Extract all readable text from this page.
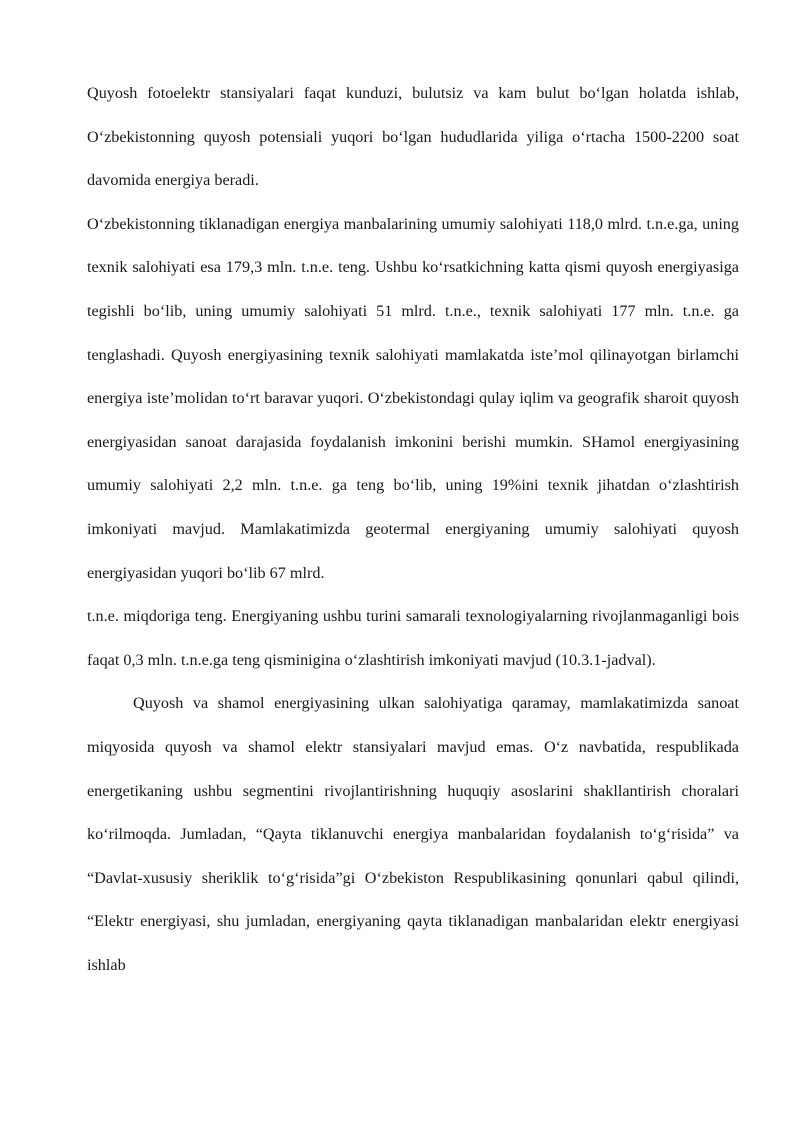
Quyosh fotoelektr stansiyalari faqat kunduzi, bulutsiz va kam bulut bo‘lgan holatda ishlab, O‘zbekistonning quyosh potensiali yuqori bo‘lgan hududlarida yiliga o‘rtacha 1500-2200 soat davomida energiya beradi.

O‘zbekistonning tiklanadigan energiya manbalarining umumiy salohiyati 118,0 mlrd. t.n.e.ga, uning texnik salohiyati esa 179,3 mln. t.n.e. teng. Ushbu ko‘rsatkichning katta qismi quyosh energiyasiga tegishli bo‘lib, uning umumiy salohiyati 51 mlrd. t.n.e., texnik salohiyati 177 mln. t.n.e. ga tenglashadi. Quyosh energiyasining texnik salohiyati mamlakatda iste’mol qilinayotgan birlamchi energiya iste’molidan to‘rt baravar yuqori. O‘zbekistondagi qulay iqlim va geografik sharoit quyosh energiyasidan sanoat darajasida foydalanish imkonini berishi mumkin. SHamol energiyasining umumiy salohiyati 2,2 mln. t.n.e. ga teng bo‘lib, uning 19%ini texnik jihatdan o‘zlashtirish imkoniyati mavjud. Mamlakatimizda geotermal energiyaning umumiy salohiyati quyosh energiyasidan yuqori bo‘lib 67 mlrd.

t.n.e. miqdoriga teng. Energiyaning ushbu turini samarali texnologiyalarning rivojlanmaganligi bois faqat 0,3 mln. t.n.e.ga teng qisminigina o‘zlashtirish imkoniyati mavjud (10.3.1-jadval).

Quyosh va shamol energiyasining ulkan salohiyatiga qaramay, mamlakatimizda sanoat miqyosida quyosh va shamol elektr stansiyalari mavjud emas. O‘z navbatida, respublikada energetikaning ushbu segmentini rivojlantirishning huquqiy asoslarini shakllantirish choralari ko‘rilmoqda. Jumladan, “Qayta tiklanuvchi energiya manbalaridan foydalanish to‘g‘risida” va “Davlat-xususiy sheriklik to‘g‘risida”gi O‘zbekiston Respublikasining qonunlari qabul qilindi, “Elektr energiyasi, shu jumladan, energiyaning qayta tiklanadigan manbalaridan elektr energiyasi ishlab
